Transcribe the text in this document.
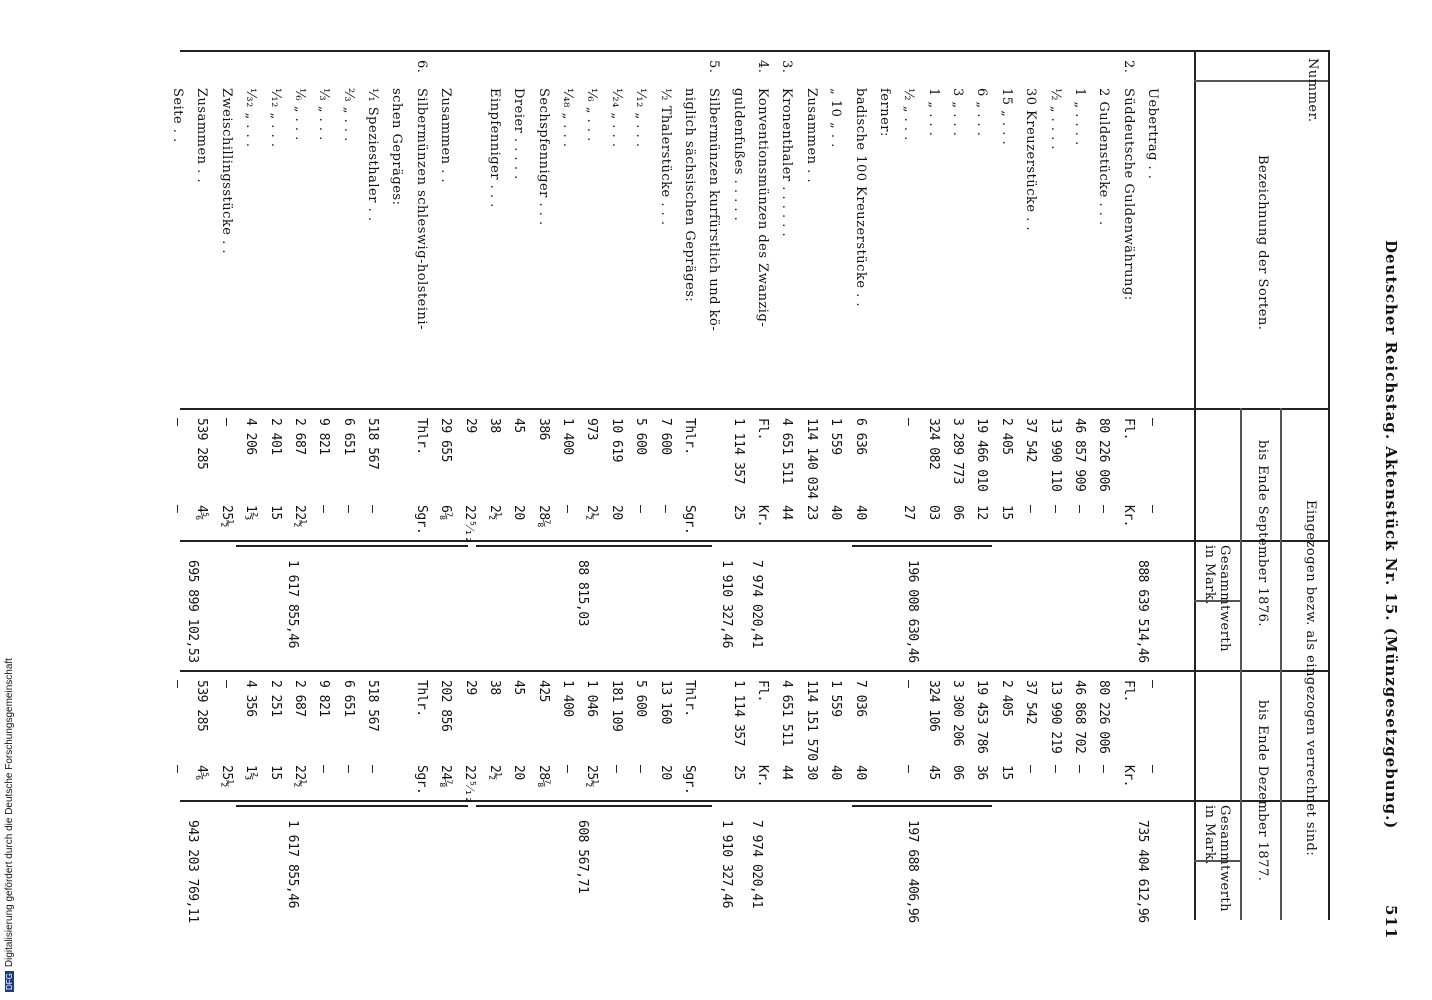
Deutscher Reichstag. Aktenstück Nr. 15. (Münzgesetzgebung.)
511
Nummer.
Bezeichnung der Sorten.
Eingezogen bezw. als eingezogen verrechnet sind:
bis Ende September 1876.
bis Ende Dezember 1877.
Gesammtwerth in Mark.
Gesammtwerth in Mark.
Uebertrag . .
—
—
—
—
2.
Süddeutsche Guldenwährung:
Fl.
Kr.
Fl.
Kr.
2 Guldenstücke . . .
80 226 006
—
80 226 006
—
1 „ . . . .
46 857 909
—
46 868 702
—
½ „ . . . .
13 990 110
—
13 990 219
—
30 Kreuzerstücke . .
37 542
—
37 542
—
15 „ . . .
2 405
15
2 405
15
6 „ . . .
19 466 010
12
19 453 786
36
3 „ . . .
3 289 773
06
3 300 206
06
1 „ . . .
324 082
03
324 106
45
½ „ . . .
—
27
—
—
ferner:
badische 100 Kreuzerstücke . .
6 636
40
7 036
40
„ 10 „ . .
1 559
40
1 559
40
Zusammen . .
114 140 034
23
114 151 570
30
3.
Kronenthaler . . . . . .
4 651 511
44
4 651 511
44
4.
Konventionsmünzen des Zwanzig-
Fl.
Kr.
Fl.
Kr.
guldenfußes . . . . .
1 114 357
25
1 114 357
25
5.
Silbermünzen kurfürstlich und kö-
niglich sächsischen Gepräges:
Thlr.
Sgr.
Thlr.
Sgr.
½ Thalerstücke . . .
7 600
—
13 160
20
¹⁄₁₂ „ . . .
5 600
—
5 600
—
¹⁄₂₄ „ . . .
10 619
20
181 109
—
¹⁄₆ „ . . .
973
2½
1 046
25½
¹⁄₄₈ „ . . .
1 400
—
1 400
—
Sechspfenniger . . .
386
28⅞
425
28⅞
Dreier . . . . .
45
20
45
20
Einpfenniger . . .
38
2½
38
2½
29
22⁵⁄₁₂
29
22⁵⁄₁₂
Zusammen . .
29 655
6⅞
202 856
24⅞
6.
Silbermünzen schleswig-holsteini-
Thlr.
Sgr.
Thlr.
Sgr.
schen Gepräges:
¹⁄₁ Speziesthaler . .
518 567
—
518 567
—
²⁄₃ „ . . .
6 651
—
6 651
—
⅓ „ . . .
9 821
—
9 821
—
⅙ „ . . .
2 687
22½
2 687
22½
¹⁄₁₂ „ . . .
2 401
15
2 251
15
¹⁄₃₂ „ . . .
4 206
1⅔
4 356
1⅔
Zweischillingsstücke . .
—
25½
—
25½
Zusammen . .
539 285
4⅚
539 285
4⅚
Seite . .
—
—
—
—
888 639 514,46
196 008 630,46
7 974 020,41
1 910 327,46
88 815,03
1 617 855,46
695 899 102,53
735 404 612,96
197 688 406,96
7 974 020,41
1 910 327,46
608 567,71
1 617 855,46
943 203 769,11
DFGDigitalisierung gefördert durch die Deutsche Forschungsgemeinschaft
